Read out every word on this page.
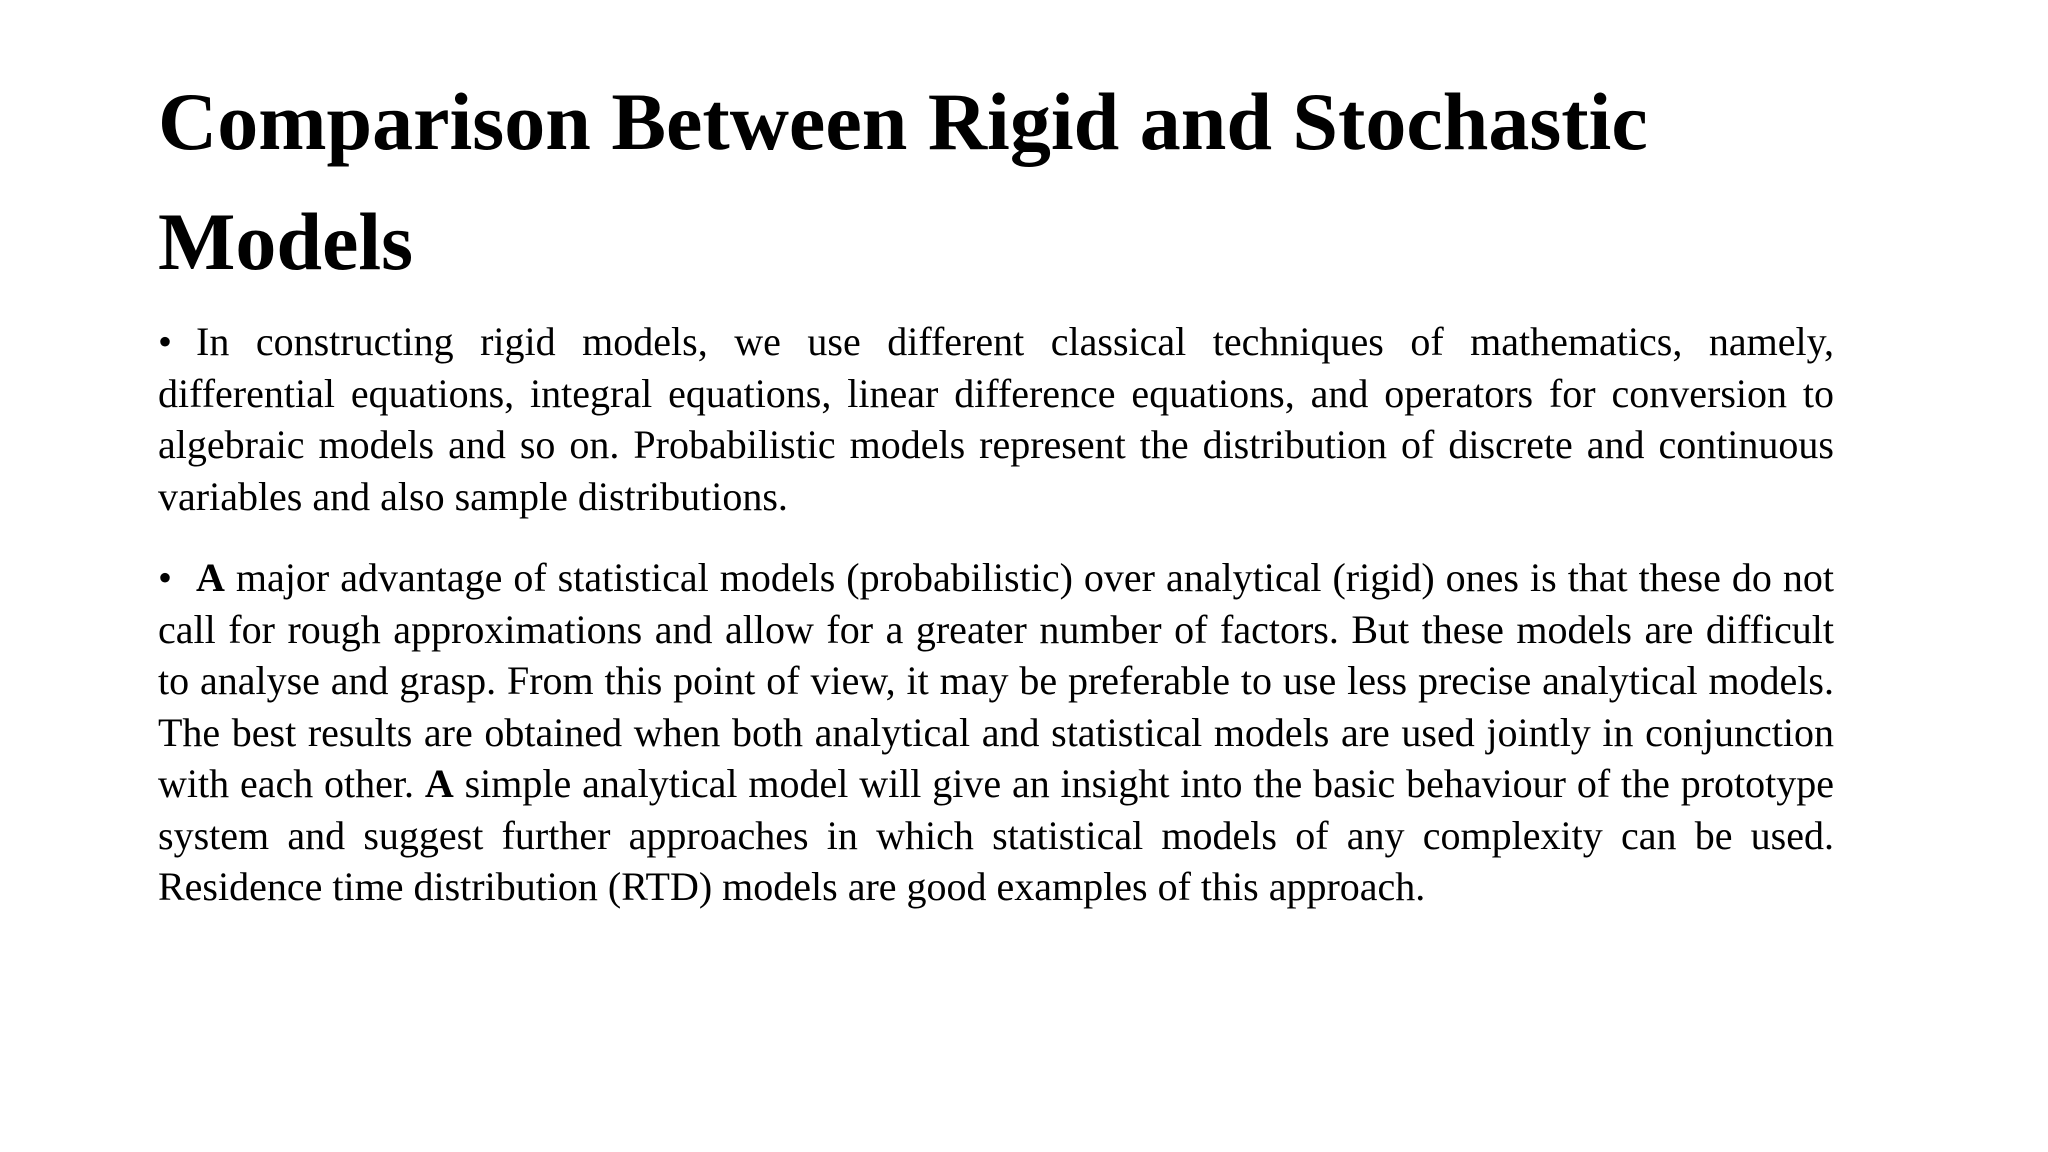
Comparison Between Rigid and Stochastic Models

• In constructing rigid models, we use different classical techniques of mathematics, namely, differential equations, integral equations, linear difference equations, and operators for conversion to algebraic models and so on. Probabilistic models represent the distribution of discrete and continuous variables and also sample distributions.

• A major advantage of statistical models (probabilistic) over analytical (rigid) ones is that these do not call for rough approximations and allow for a greater number of factors. But these models are difficult to analyse and grasp. From this point of view, it may be preferable to use less precise analytical models. The best results are obtained when both analytical and statistical models are used jointly in conjunction with each other. A simple analytical model will give an insight into the basic behaviour of the prototype system and suggest further approaches in which statistical models of any complexity can be used. Residence time distribution (RTD) models are good examples of this approach.
